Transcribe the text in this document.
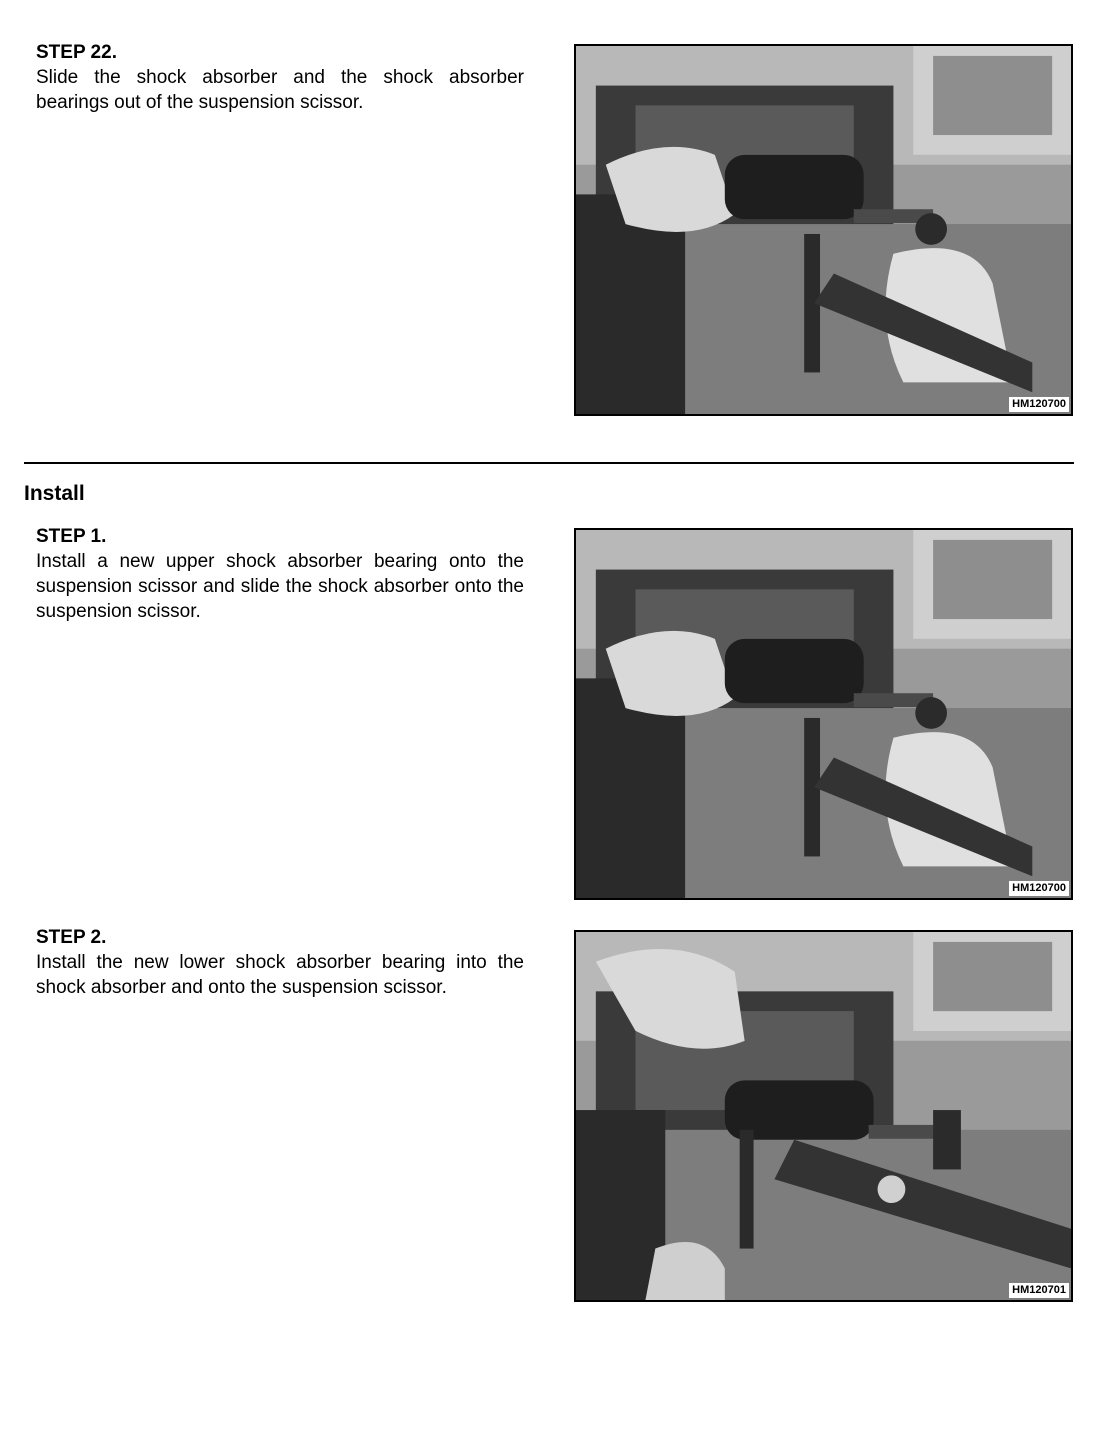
STEP 22.
Slide the shock absorber and the shock absorber bearings out of the suspension scissor.
HM120700
Install
STEP 1.
Install a new upper shock absorber bearing onto the suspension scissor and slide the shock absorber onto the suspension scissor.
HM120700
STEP 2.
Install the new lower shock absorber bearing into the shock absorber and onto the suspension scissor.
HM120701
